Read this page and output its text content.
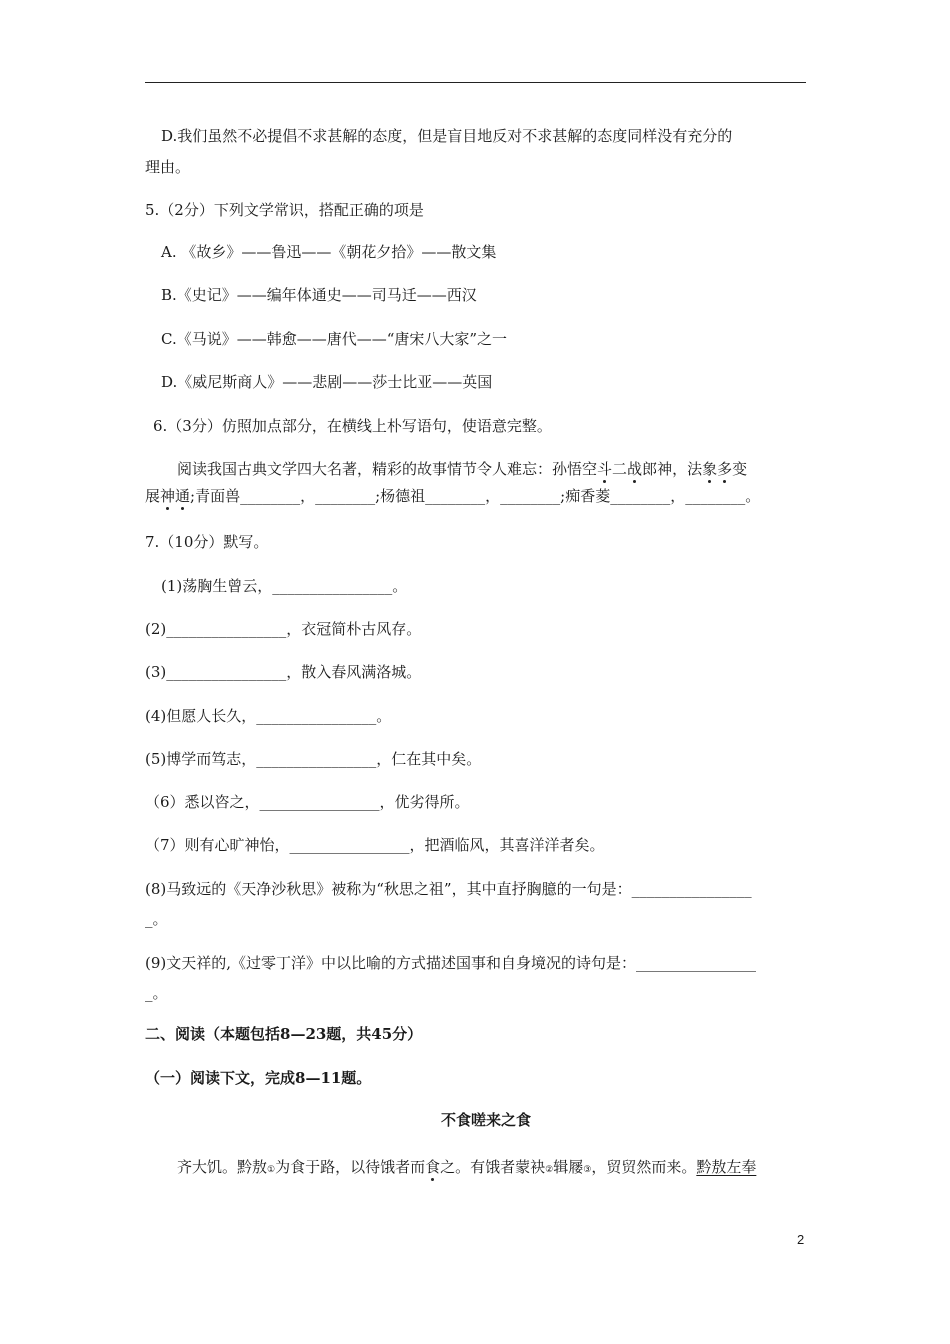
D.我们虽然不必提倡不求甚解的态度，但是盲目地反对不求甚解的态度同样没有充分的
理由。
5.（2分）下列文学常识，搭配正确的项是
A. 《故乡》——鲁迅——《朝花夕拾》——散文集
B.《史记》——编年体通史——司马迁——西汉
C.《马说》——韩愈——唐代——“唐宋八大家”之一
D.《威尼斯商人》——悲剧——莎士比亚——英国
6.（3分）仿照加点部分，在横线上朴写语句，使语意完整。
阅读我国古典文学四大名著，精彩的故事情节令人难忘：孙悟空斗二战郎神，法象多变
展神通;青面兽________，________;杨德祖________，________;痴香菱________，________。
7.（10分）默写。
(1)荡胸生曾云，________________。
(2)________________，衣冠简朴古风存。
(3)________________，散入春风满洛城。
(4)但愿人长久，________________。
(5)博学而笃志，________________，仁在其中矣。
（6）悉以咨之，________________，优劣得所。
（7）则有心旷神怡，________________，把酒临风，其喜洋洋者矣。
(8)马致远的《天净沙秋思》被称为“秋思之祖”，其中直抒胸臆的一句是：________________
_。
(9)文天祥的,《过零丁洋》中以比喻的方式描述国事和自身境况的诗句是：________________
_。
二、阅读（本题包括8—23题，共45分）
（一）阅读下文，完成8—11题。
不食嗟来之食
齐大饥。黔敖①为食于路，以待饿者而食之。有饿者蒙袂②辑屦③，贸贸然而来。黔敖左奉
2
